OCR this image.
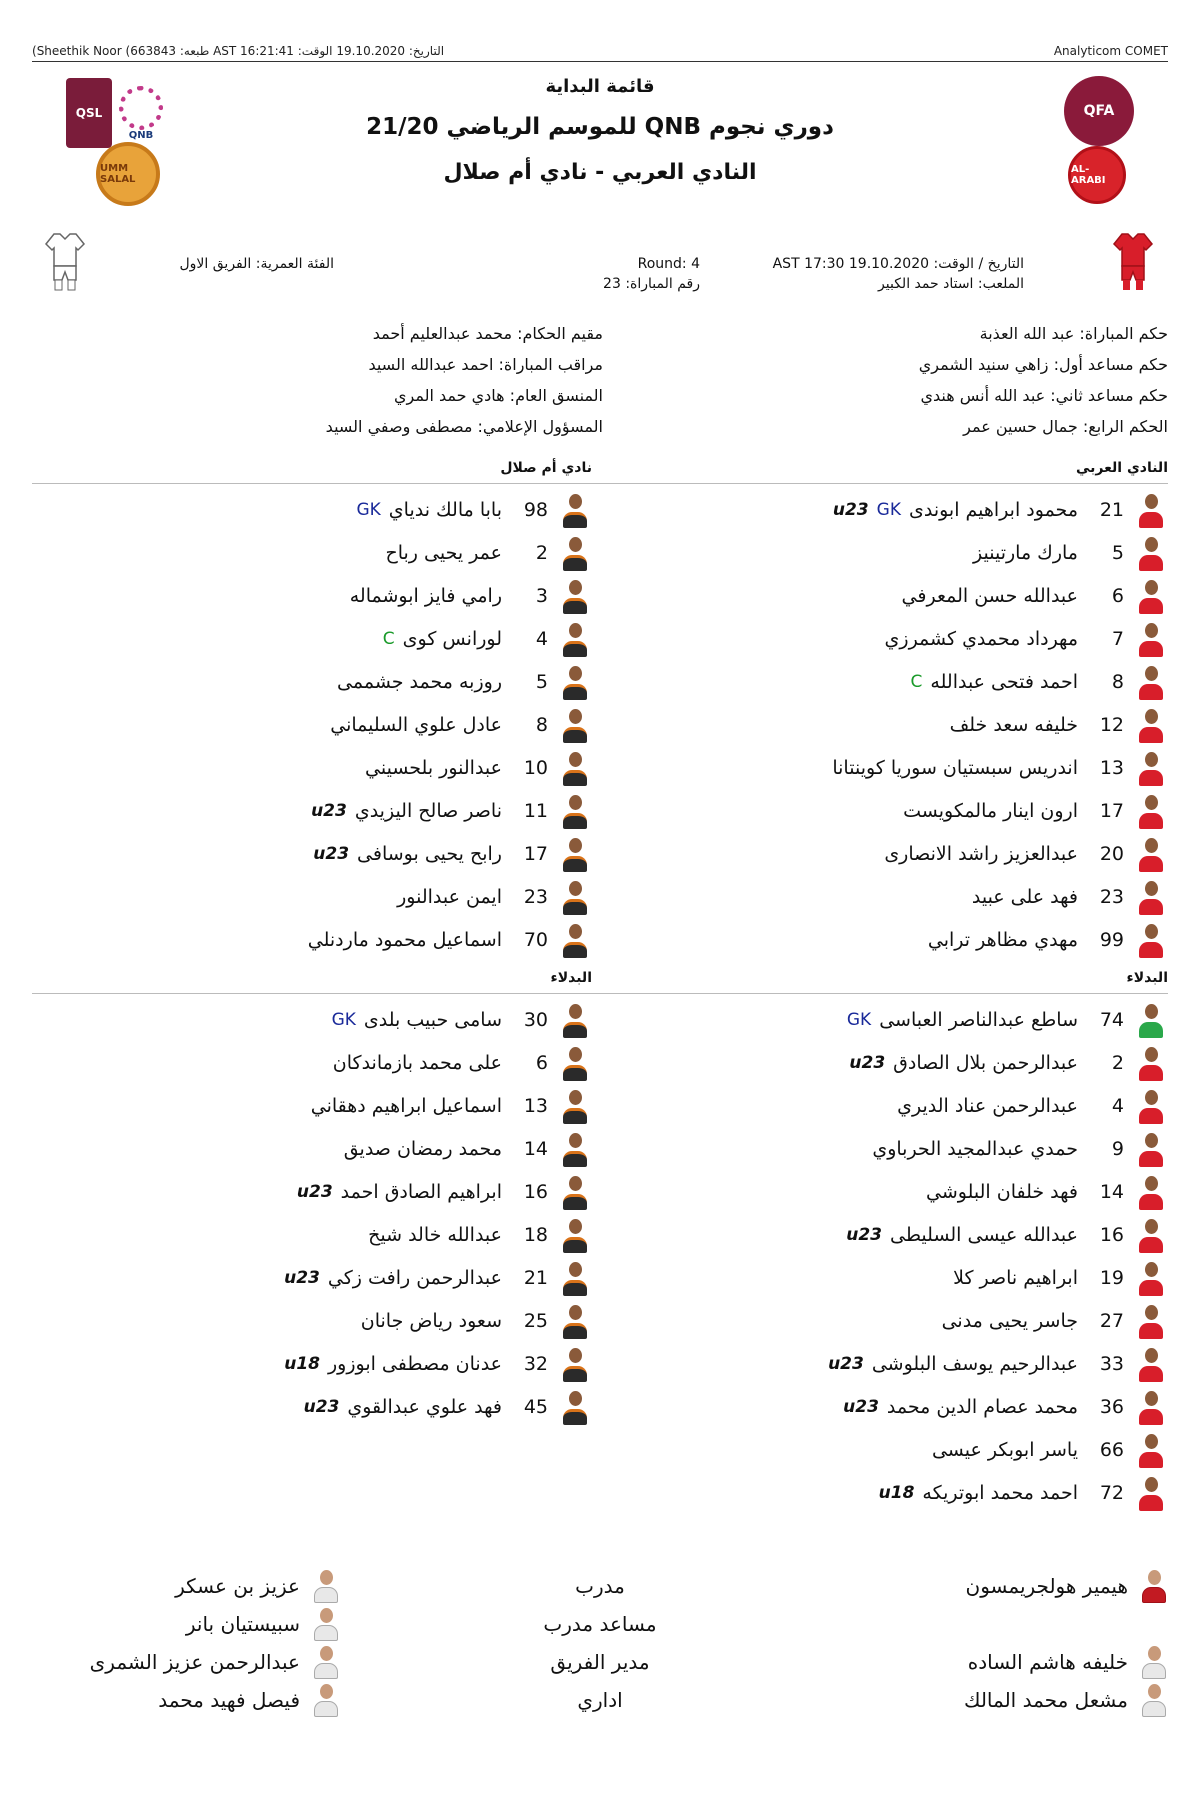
التاريخ: 19.10.2020 الوقت: AST 16:21:41 طبعه: 663843) Sheethik Noor)	Analyticom COMET
QSL
QNB
QFA
UMM SALAL
AL-ARABI
قائمة البداية
دوري نجوم QNB للموسم الرياضي 21/20
النادي العربي - نادي أم صلال
التاريخ / الوقت: 19.10.2020 AST 17:30
الملعب: استاد حمد الكبير
Round: 4
رقم المباراة: 23
الفئة العمرية: الفريق الاول
حكم المباراة: عبد الله العذبة
حكم مساعد أول: زاهي سنيد الشمري
حكم مساعد ثاني: عبد الله أنس هندي
الحكم الرابع: جمال حسين عمر
مقيم الحكام: محمد عبدالعليم أحمد
مراقب المباراة: احمد عبدالله السيد
المنسق العام: هادي حمد المري
المسؤول الإعلامي: مصطفى وصفي السيد
النادي العربي
نادي أم صلال
21
محمود ابراهيم ابوندى
GK
u23
5
مارك مارتينيز
6
عبدالله حسن المعرفي
7
مهرداد محمدي كشمرزي
8
احمد فتحى عبدالله
C
12
خليفه سعد خلف
13
اندريس سبستيان سوريا كوينتانا
17
ارون اينار مالمكويست
20
عبدالعزيز راشد الانصارى
23
فهد على عبيد
99
مهدي مظاهر ترابي
98
بابا مالك ندياي
GK
2
عمر يحيى رباح
3
رامي فايز ابوشماله
4
لورانس كوى
C
5
روزبه محمد جشممى
8
عادل علوي السليماني
10
عبدالنور بلحسيني
11
ناصر صالح اليزيدي
u23
17
رابح يحيى بوسافى
u23
23
ايمن عبدالنور
70
اسماعيل محمود ماردنلي
البدلاء
البدلاء
74
ساطع عبدالناصر العباسى
GK
2
عبدالرحمن بلال الصادق
u23
4
عبدالرحمن عناد الديري
9
حمدي عبدالمجيد الحرباوي
14
فهد خلفان البلوشي
16
عبدالله عيسى السليطى
u23
19
ابراهيم ناصر كلا
27
جاسر يحيى مدنى
33
عبدالرحيم يوسف البلوشى
u23
36
محمد عصام الدين محمد
u23
66
ياسر ابوبكر عيسى
72
احمد محمد ابوتريكه
u18
30
سامى حبيب بلدى
GK
6
على محمد بازماندكان
13
اسماعيل ابراهيم دهقاني
14
محمد رمضان صديق
16
ابراهيم الصادق احمد
u23
18
عبدالله خالد شيخ
21
عبدالرحمن رافت زكي
u23
25
سعود رياض جانان
32
عدنان مصطفى ابوزور
u18
45
فهد علوي عبدالقوي
u23
هيمير هولجريمسون
خليفه هاشم الساده
مشعل محمد المالك
مدرب
مساعد مدرب
مدير الفريق
اداري
عزيز بن عسكر
سبيستيان بانر
عبدالرحمن عزيز الشمرى
فيصل فهيد محمد
